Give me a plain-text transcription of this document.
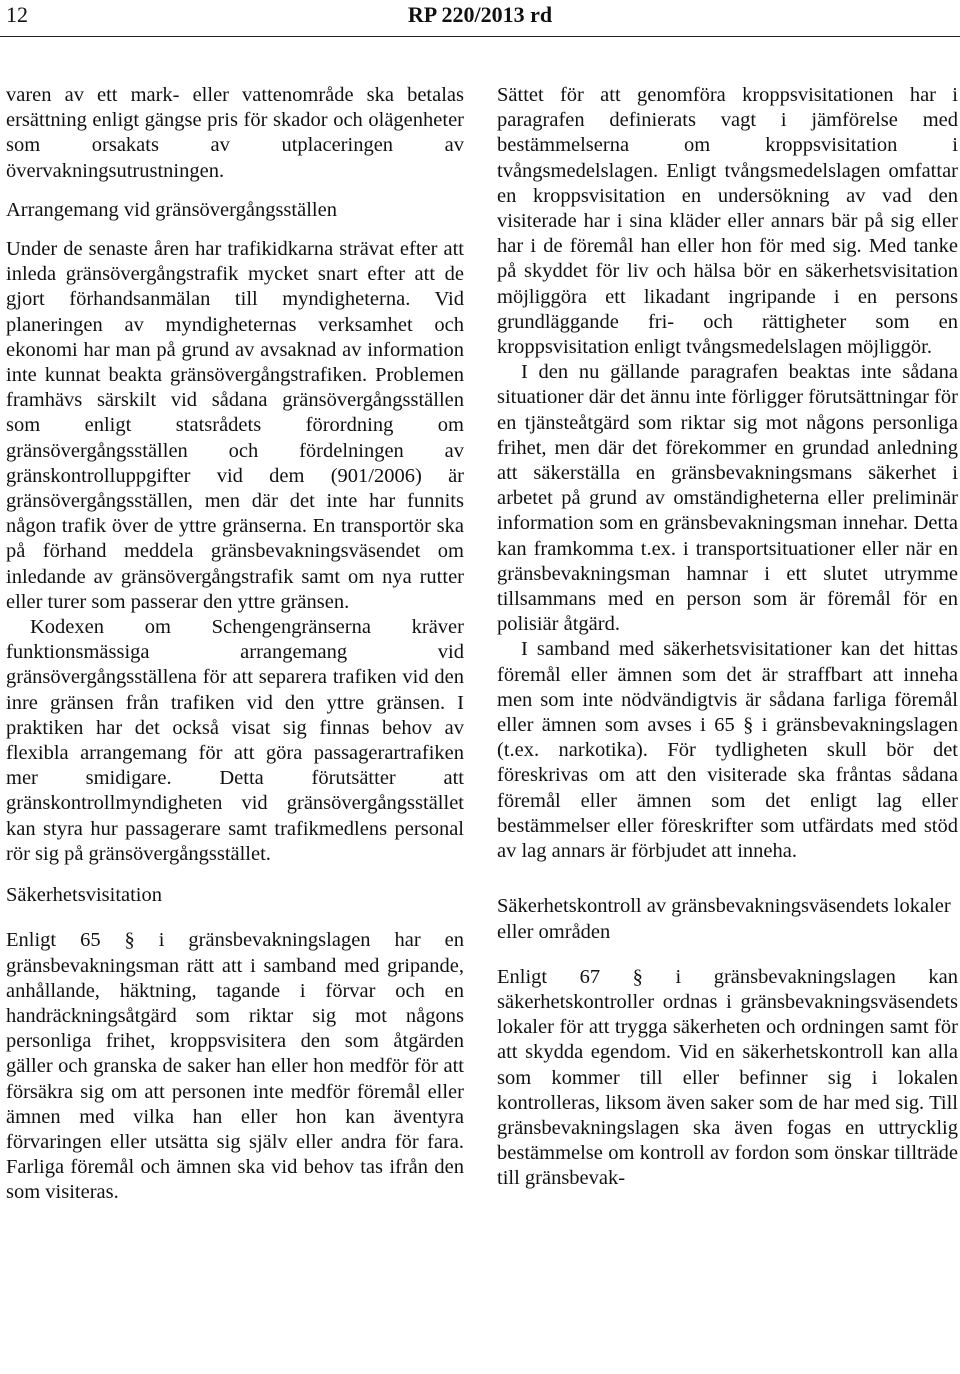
12	RP 220/2013 rd

varen av ett mark- eller vattenområde ska betalas ersättning enligt gängse pris för skador och olägenheter som orsakats av utplaceringen av övervakningsutrustningen.

Arrangemang vid gränsövergångsställen

Under de senaste åren har trafikidkarna strävat efter att inleda gränsövergångstrafik mycket snart efter att de gjort förhandsanmälan till myndigheterna. Vid planeringen av myndigheternas verksamhet och ekonomi har man på grund av avsaknad av information inte kunnat beakta gränsövergångstrafiken. Problemen framhävs särskilt vid sådana gränsövergångsställen som enligt statsrådets förordning om gränsövergångsställen och fördelningen av gränskontrolluppgifter vid dem (901/2006) är gränsövergångsställen, men där det inte har funnits någon trafik över de yttre gränserna. En transportör ska på förhand meddela gränsbevakningsväsendet om inledande av gränsövergångstrafik samt om nya rutter eller turer som passerar den yttre gränsen.

Kodexen om Schengengränserna kräver funktionsmässiga arrangemang vid gränsövergångsställena för att separera trafiken vid den inre gränsen från trafiken vid den yttre gränsen. I praktiken har det också visat sig finnas behov av flexibla arrangemang för att göra passagerartrafiken mer smidigare. Detta förutsätter att gränskontrollmyndigheten vid gränsövergångsstället kan styra hur passagerare samt trafikmedlens personal rör sig på gränsövergångsstället.

Säkerhetsvisitation

Enligt 65 § i gränsbevakningslagen har en gränsbevakningsman rätt att i samband med gripande, anhållande, häktning, tagande i förvar och en handräckningsåtgärd som riktar sig mot någons personliga frihet, kroppsvisitera den som åtgärden gäller och granska de saker han eller hon medför för att försäkra sig om att personen inte medför föremål eller ämnen med vilka han eller hon kan äventyra förvaringen eller utsätta sig själv eller andra för fara. Farliga föremål och ämnen ska vid behov tas ifrån den som visiteras.

Sättet för att genomföra kroppsvisitationen har i paragrafen definierats vagt i jämförelse med bestämmelserna om kroppsvisitation i tvångsmedelslagen. Enligt tvångsmedelslagen omfattar en kroppsvisitation en undersökning av vad den visiterade har i sina kläder eller annars bär på sig eller har i de föremål han eller hon för med sig. Med tanke på skyddet för liv och hälsa bör en säkerhetsvisitation möjliggöra ett likadant ingripande i en persons grundläggande fri- och rättigheter som en kroppsvisitation enligt tvångsmedelslagen möjliggör.

I den nu gällande paragrafen beaktas inte sådana situationer där det ännu inte förligger förutsättningar för en tjänsteåtgärd som riktar sig mot någons personliga frihet, men där det förekommer en grundad anledning att säkerställa en gränsbevakningsmans säkerhet i arbetet på grund av omständigheterna eller preliminär information som en gränsbevakningsman innehar. Detta kan framkomma t.ex. i transportsituationer eller när en gränsbevakningsman hamnar i ett slutet utrymme tillsammans med en person som är föremål för en polisiär åtgärd.

I samband med säkerhetsvisitationer kan det hittas föremål eller ämnen som det är straffbart att inneha men som inte nödvändigtvis är sådana farliga föremål eller ämnen som avses i 65 § i gränsbevakningslagen (t.ex. narkotika). För tydligheten skull bör det föreskrivas om att den visiterade ska fråntas sådana föremål eller ämnen som det enligt lag eller bestämmelser eller föreskrifter som utfärdats med stöd av lag annars är förbjudet att inneha.

Säkerhetskontroll av gränsbevakningsväsendets lokaler eller områden

Enligt 67 § i gränsbevakningslagen kan säkerhetskontroller ordnas i gränsbevakningsväsendets lokaler för att trygga säkerheten och ordningen samt för att skydda egendom. Vid en säkerhetskontroll kan alla som kommer till eller befinner sig i lokalen kontrolleras, liksom även saker som de har med sig. Till gränsbevakningslagen ska även fogas en uttrycklig bestämmelse om kontroll av fordon som önskar tillträde till gränsbevak-
